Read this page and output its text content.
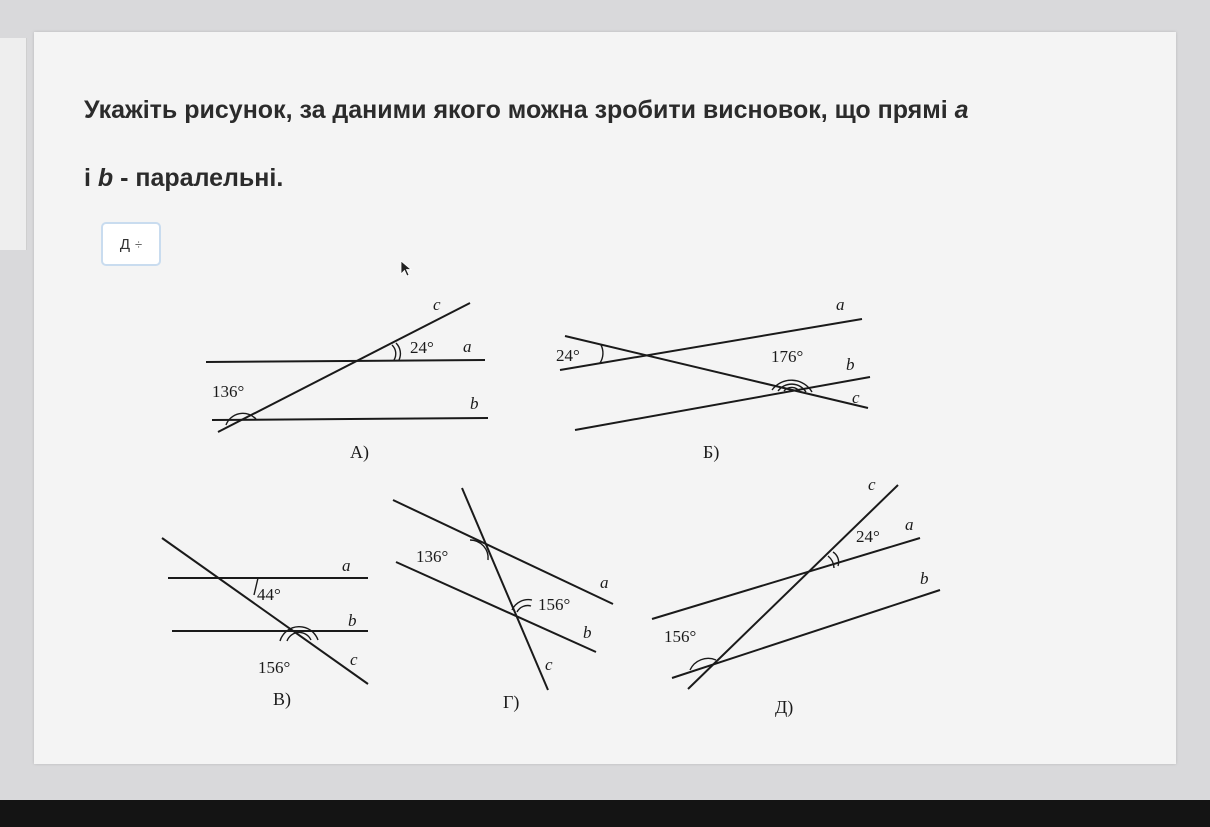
Укажіть рисунок, за даними якого можна зробити висновок, що прямі a
і b - паралельні.

Д ÷
24°
136°
a
b
c
A)
24°	176°
a
b
c
Б)
44°
156°
a
b
c
В)
136°
156°
a
b
c
Г)
24°
156°
a
b
c
Д)
